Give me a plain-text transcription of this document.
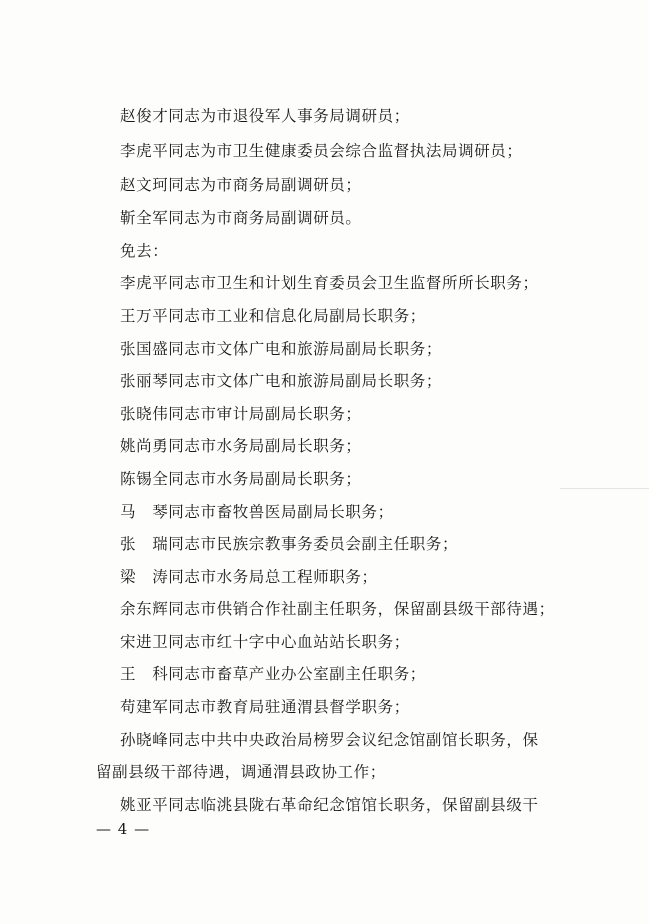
赵俊才同志为市退役军人事务局调研员；
李虎平同志为市卫生健康委员会综合监督执法局调研员；
赵文珂同志为市商务局副调研员；
靳全军同志为市商务局副调研员。
免去：
李虎平同志市卫生和计划生育委员会卫生监督所所长职务；
王万平同志市工业和信息化局副局长职务；
张国盛同志市文体广电和旅游局副局长职务；
张丽琴同志市文体广电和旅游局副局长职务；
张晓伟同志市审计局副局长职务；
姚尚勇同志市水务局副局长职务；
陈锡全同志市水务局副局长职务；
马　琴同志市畜牧兽医局副局长职务；
张　瑞同志市民族宗教事务委员会副主任职务；
梁　涛同志市水务局总工程师职务；
余东辉同志市供销合作社副主任职务，保留副县级干部待遇；
宋进卫同志市红十字中心血站站长职务；
王　科同志市畜草产业办公室副主任职务；
苟建军同志市教育局驻通渭县督学职务；
孙晓峰同志中共中央政治局榜罗会议纪念馆副馆长职务，保
留副县级干部待遇，调通渭县政协工作；
姚亚平同志临洮县陇右革命纪念馆馆长职务，保留副县级干
— 4 —
